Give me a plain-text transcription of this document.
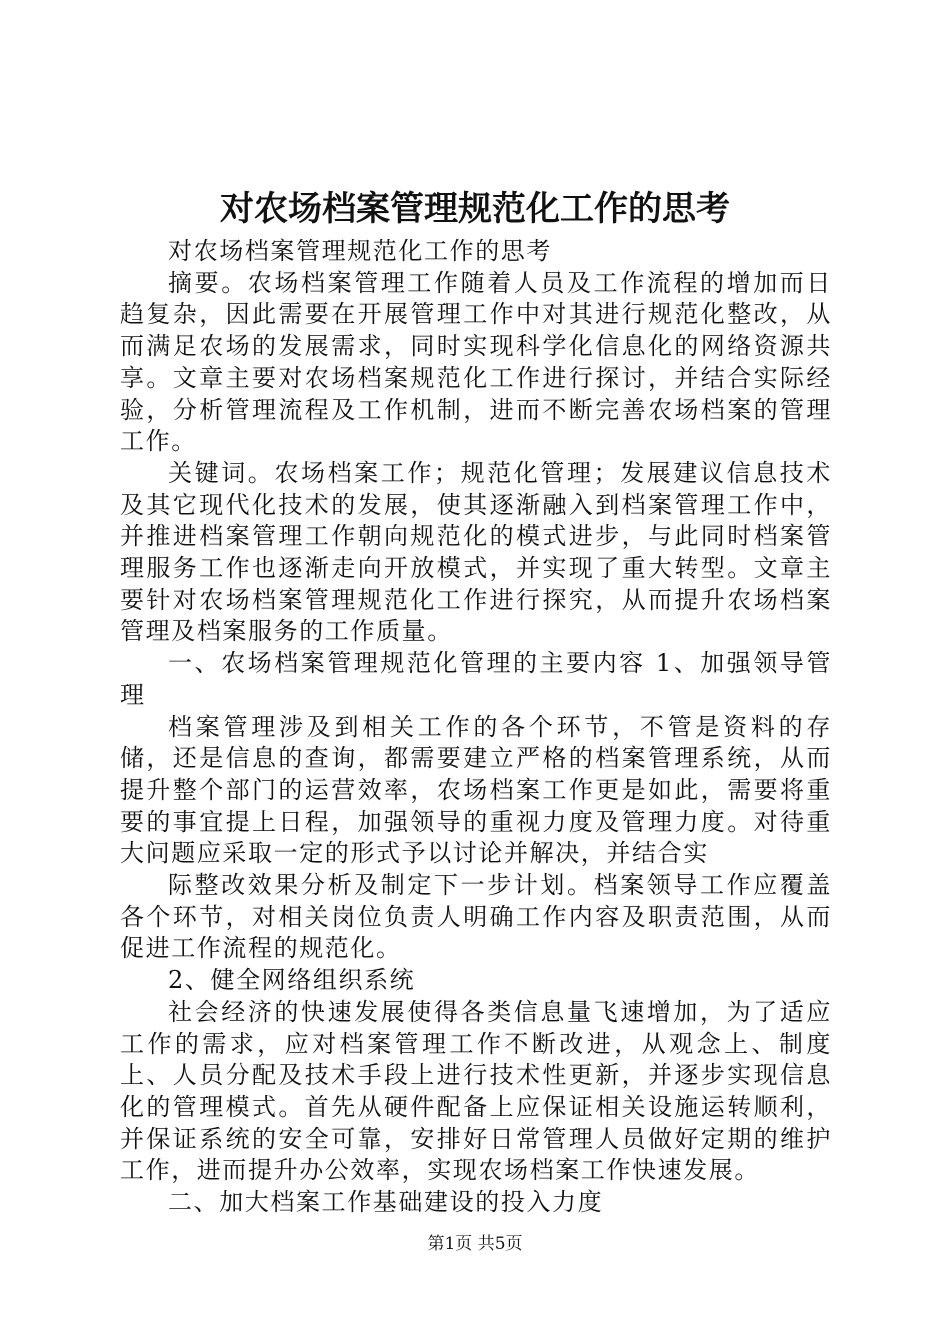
对农场档案管理规范化工作的思考

对农场档案管理规范化工作的思考

摘要。农场档案管理工作随着人员及工作流程的增加而日趋复杂，因此需要在开展管理工作中对其进行规范化整改，从而满足农场的发展需求，同时实现科学化信息化的网络资源共享。文章主要对农场档案规范化工作进行探讨，并结合实际经验，分析管理流程及工作机制，进而不断完善农场档案的管理工作。

关键词。农场档案工作；规范化管理；发展建议信息技术及其它现代化技术的发展，使其逐渐融入到档案管理工作中，并推进档案管理工作朝向规范化的模式进步，与此同时档案管理服务工作也逐渐走向开放模式，并实现了重大转型。文章主要针对农场档案管理规范化工作进行探究，从而提升农场档案管理及档案服务的工作质量。

一、农场档案管理规范化管理的主要内容 1、加强领导管理

档案管理涉及到相关工作的各个环节，不管是资料的存储，还是信息的查询，都需要建立严格的档案管理系统，从而提升整个部门的运营效率，农场档案工作更是如此，需要将重要的事宜提上日程，加强领导的重视力度及管理力度。对待重大问题应采取一定的形式予以讨论并解决，并结合实

际整改效果分析及制定下一步计划。档案领导工作应覆盖各个环节，对相关岗位负责人明确工作内容及职责范围，从而促进工作流程的规范化。

2、健全网络组织系统

社会经济的快速发展使得各类信息量飞速增加，为了适应工作的需求，应对档案管理工作不断改进，从观念上、制度上、人员分配及技术手段上进行技术性更新，并逐步实现信息化的管理模式。首先从硬件配备上应保证相关设施运转顺利，并保证系统的安全可靠，安排好日常管理人员做好定期的维护工作，进而提升办公效率，实现农场档案工作快速发展。

二、加大档案工作基础建设的投入力度

第1页 共5页
